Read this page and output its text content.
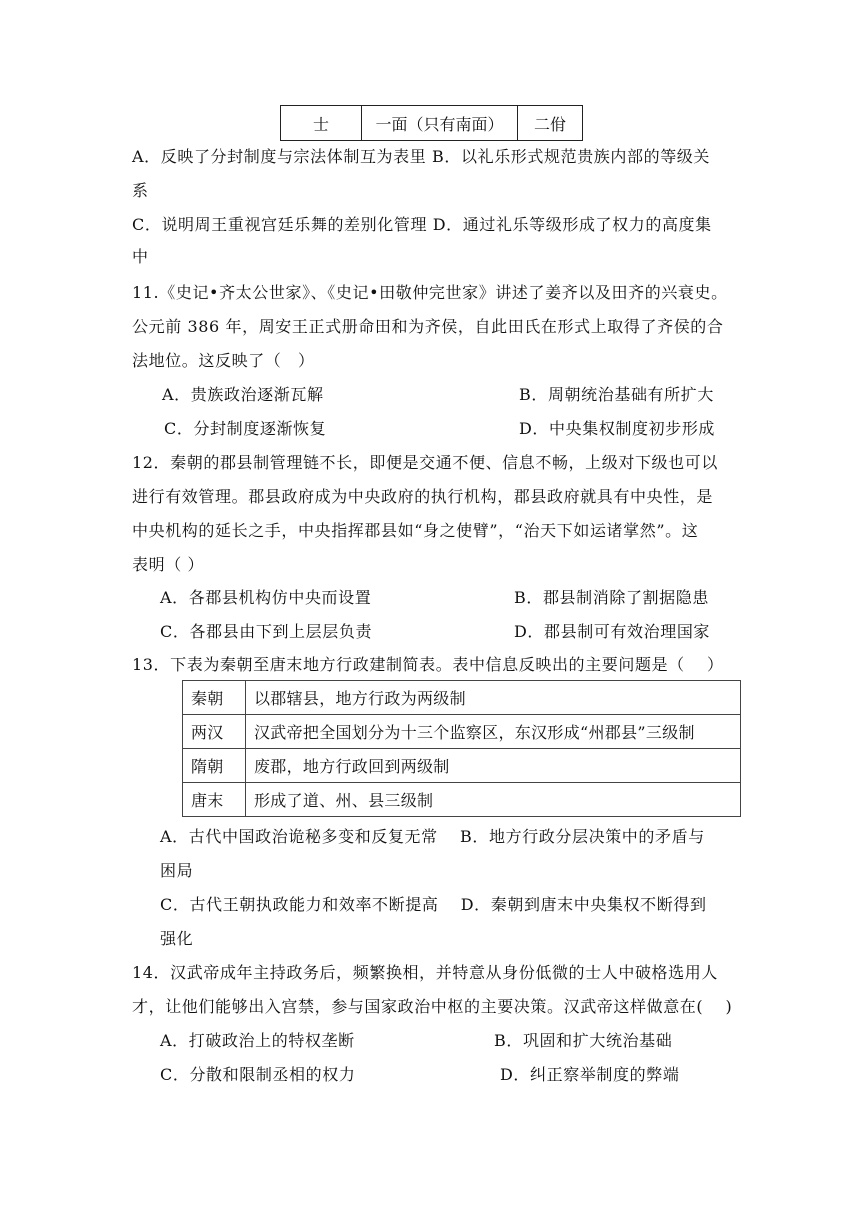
士	一面（只有南面）	二佾
A．反映了分封制度与宗法体制互为表里 B．以礼乐形式规范贵族内部的等级关
系
C．说明周王重视宫廷乐舞的差别化管理 D．通过礼乐等级形成了权力的高度集
中
11.《史记•齐太公世家》、《史记•田敬仲完世家》讲述了姜齐以及田齐的兴衰史。
公元前 386 年，周安王正式册命田和为齐侯，自此田氏在形式上取得了齐侯的合
法地位。这反映了（　）
A．贵族政治逐渐瓦解	B．周朝统治基础有所扩大
C．分封制度逐渐恢复	D．中央集权制度初步形成
12．秦朝的郡县制管理链不长，即便是交通不便、信息不畅，上级对下级也可以
进行有效管理。郡县政府成为中央政府的执行机构，郡县政府就具有中央性，是
中央机构的延长之手，中央指挥郡县如“身之使臂”，“治天下如运诸掌然”。这
表明（ ）
A．各郡县机构仿中央而设置	B．郡县制消除了割据隐患
C．各郡县由下到上层层负责	D．郡县制可有效治理国家
13．下表为秦朝至唐末地方行政建制简表。表中信息反映出的主要问题是（　 ）
秦朝	以郡辖县，地方行政为两级制
两汉	汉武帝把全国划分为十三个监察区，东汉形成“州郡县”三级制
隋朝	废郡，地方行政回到两级制
唐末	形成了道、州、县三级制
A．古代中国政治诡秘多变和反复无常　 B．地方行政分层决策中的矛盾与
困局
C．古代王朝执政能力和效率不断提高　 D．秦朝到唐末中央集权不断得到
强化
14．汉武帝成年主持政务后，频繁换相，并特意从身份低微的士人中破格选用人
才，让他们能够出入宫禁，参与国家政治中枢的主要决策。汉武帝这样做意在(　 )
A．打破政治上的特权垄断	B．巩固和扩大统治基础
C．分散和限制丞相的权力	D．纠正察举制度的弊端
